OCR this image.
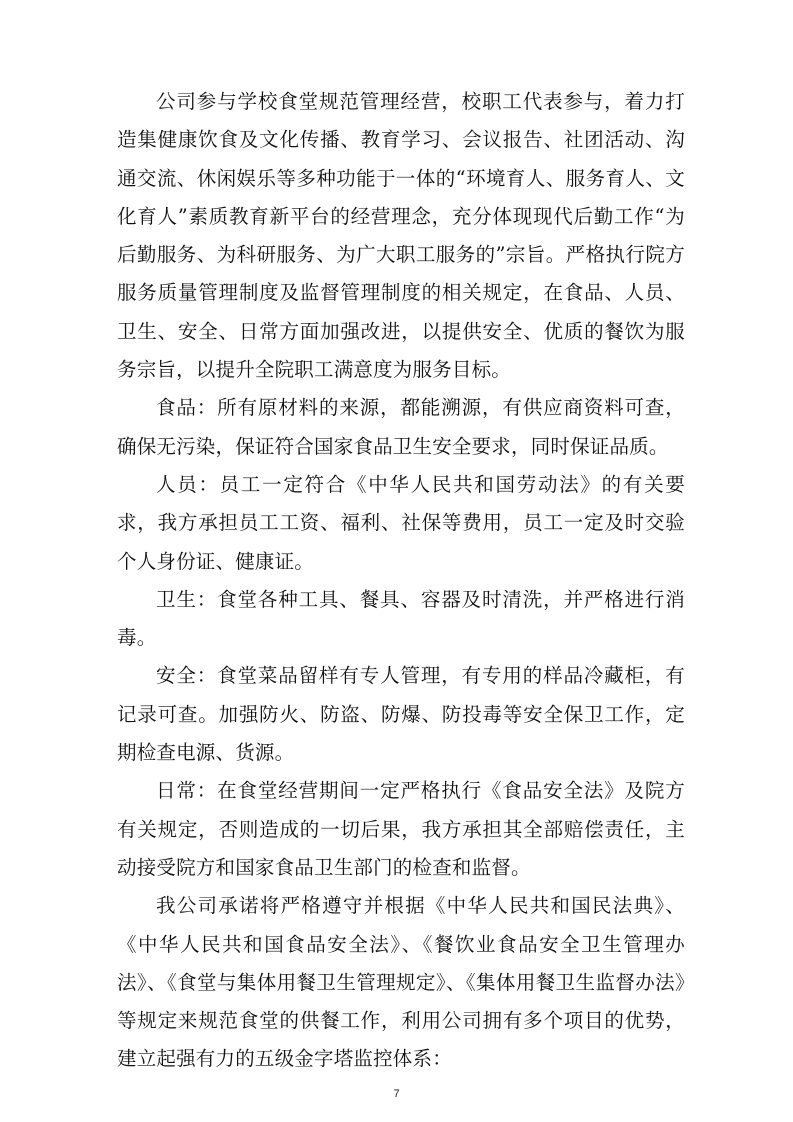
公司参与学校食堂规范管理经营，校职工代表参与，着力打造集健康饮食及文化传播、教育学习、会议报告、社团活动、沟通交流、休闲娱乐等多种功能于一体的“环境育人、服务育人、文化育人”素质教育新平台的经营理念，充分体现现代后勤工作“为后勤服务、为科研服务、为广大职工服务的”宗旨。严格执行院方服务质量管理制度及监督管理制度的相关规定，在食品、人员、卫生、安全、日常方面加强改进，以提供安全、优质的餐饮为服务宗旨，以提升全院职工满意度为服务目标。

食品：所有原材料的来源，都能溯源，有供应商资料可查，确保无污染，保证符合国家食品卫生安全要求，同时保证品质。

人员：员工一定符合《中华人民共和国劳动法》的有关要求，我方承担员工工资、福利、社保等费用，员工一定及时交验个人身份证、健康证。

卫生：食堂各种工具、餐具、容器及时清洗，并严格进行消毒。

安全：食堂菜品留样有专人管理，有专用的样品冷藏柜，有记录可查。加强防火、防盗、防爆、防投毒等安全保卫工作，定期检查电源、货源。

日常：在食堂经营期间一定严格执行《食品安全法》及院方有关规定，否则造成的一切后果，我方承担其全部赔偿责任，主动接受院方和国家食品卫生部门的检查和监督。

我公司承诺将严格遵守并根据《中华人民共和国民法典》、《中华人民共和国食品安全法》、《餐饮业食品安全卫生管理办法》、《食堂与集体用餐卫生管理规定》、《集体用餐卫生监督办法》等规定来规范食堂的供餐工作，利用公司拥有多个项目的优势，建立起强有力的五级金字塔监控体系：

7
